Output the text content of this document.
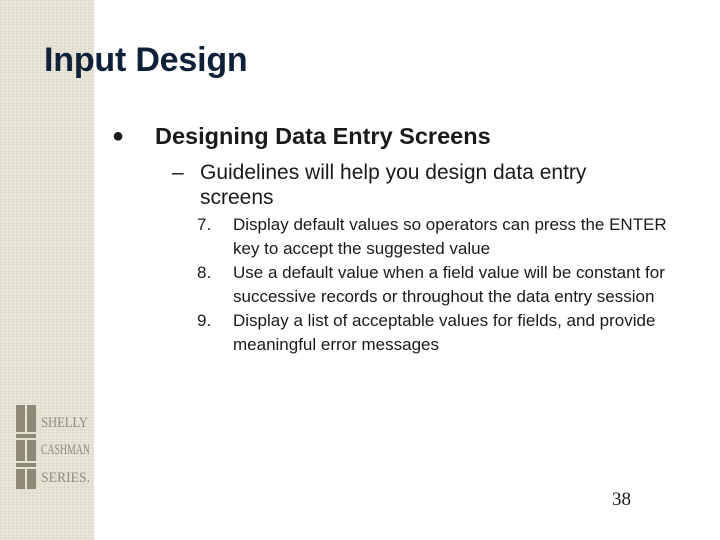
Input Design
● Designing Data Entry Screens
– Guidelines will help you design data entry screens
7. Display default values so operators can press the ENTER key to accept the suggested value
8. Use a default value when a field value will be constant for successive records or throughout the data entry session
9. Display a list of acceptable values for fields, and provide meaningful error messages
SHELLY
CASHMAN
SERIES.
38
